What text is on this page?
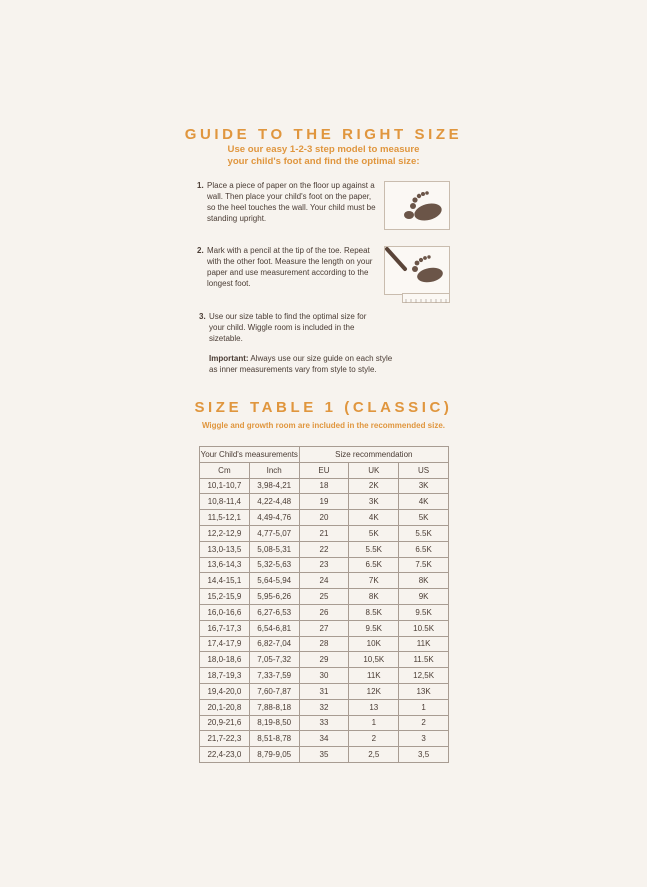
GUIDE TO THE RIGHT SIZE
Use our easy 1-2-3 step model to measure
your child's foot and find the optimal size:
1. Place a piece of paper on the floor up against a wall. Then place your child's foot on the paper, so the heel touches the wall. Your child must be standing upright.
2. Mark with a pencil at the tip of the toe. Repeat with the other foot. Measure the length on your paper and use measurement according to the longest foot.
3. Use our size table to find the optimal size for your child. Wiggle room is included in the sizetable.
Important: Always use our size guide on each style as inner measurements vary from style to style.
SIZE TABLE 1 (CLASSIC)
Wiggle and growth room are included in the recommended size.
Your Child's measurements		Size recommendation		
Cm	Inch	EU	UK	US
10,1-10,7	3,98-4,21	18	2K	3K
10,8-11,4	4,22-4,48	19	3K	4K
11,5-12,1	4,49-4,76	20	4K	5K
12,2-12,9	4,77-5,07	21	5K	5.5K
13,0-13,5	5,08-5,31	22	5.5K	6.5K
13,6-14,3	5,32-5,63	23	6.5K	7.5K
14,4-15,1	5,64-5,94	24	7K	8K
15,2-15,9	5,95-6,26	25	8K	9K
16,0-16,6	6,27-6,53	26	8.5K	9.5K
16,7-17,3	6,54-6,81	27	9.5K	10.5K
17,4-17,9	6,82-7,04	28	10K	11K
18,0-18,6	7,05-7,32	29	10,5K	11.5K
18,7-19,3	7,33-7,59	30	11K	12,5K
19,4-20,0	7,60-7,87	31	12K	13K
20,1-20,8	7,88-8,18	32	13	1
20,9-21,6	8,19-8,50	33	1	2
21,7-22,3	8,51-8,78	34	2	3
22,4-23,0	8,79-9,05	35	2,5	3,5
